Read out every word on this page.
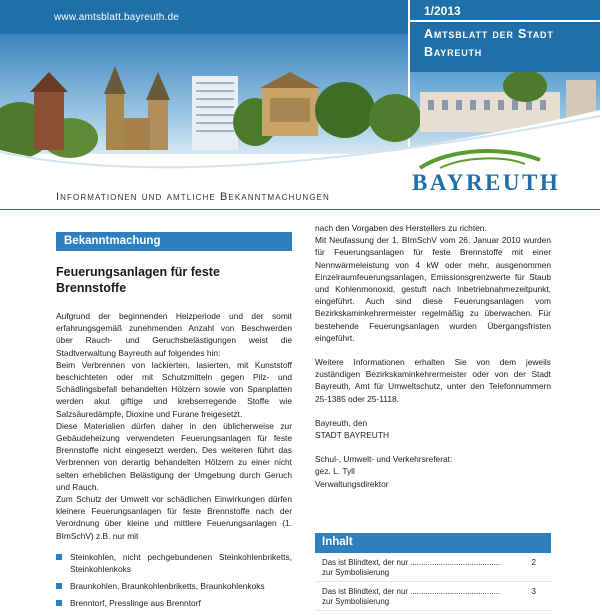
www.amtsblatt.bayreuth.de	1/2013
Amtsblatt der Stadt Bayreuth
BAYREUTH
Informationen und amtliche Bekanntmachungen
Bekanntmachung
Feuerungsanlagen für feste Brennstoffe
Aufgrund der beginnenden Heizperiode und der somit erfahrungsgemäß zunehmenden Anzahl von Beschwerden über Rauch- und Geruchsbelästigungen weist die Stadtverwaltung Bayreuth auf folgendes hin:
Beim Verbrennen von lackierten, lasierten, mit Kunststoff beschichteten oder mit Schutzmitteln gegen Pilz- und Schädlingsbefall behandelten Hölzern sowie von Spanplatten werden akut giftige und krebserregende Stoffe wie Salzsäuredämpfe, Dioxine und Furane freigesetzt.
Diese Materialien dürfen daher in den üblicherweise zur Gebäudeheizung verwendeten Feuerungsanlagen für feste Brennstoffe nicht eingesetzt werden. Des weiteren führt das Verbrennen von derartig behandelten Hölzern zu einer nicht selten erheblichen Belästigung der Umgebung durch Geruch und Rauch.
Zum Schutz der Umwelt vor schädlichen Einwirkungen dürfen kleinere Feuerungsanlagen für feste Brennstoffe nach der Verordnung über kleine und mittlere Feuerungsanlagen (1. BImSchV) z.B. nur mit
Steinkohlen, nicht pechgebundenen Steinkohlenbriketts, Steinkohlenkoks
Braunkohlen, Braunkohlenbriketts, Braunkohlenkoks
Brenntorf, Presslinge aus Brenntorf
nach den Vorgaben des Herstellers zu richten.
Mit Neufassung der 1. BImSchV vom 26. Januar 2010 wurden für Feuerungsanlagen für feste Brennstoffe mit einer Nennwärmeleistung von 4 kW oder mehr, ausgenommen Einzelraumfeuerungsanlagen, Emissionsgrenzwerte für Staub und Kohlenmonoxid, gestuft nach Inbetriebnahmezeitpunkt, eingeführt. Auch sind diese Feuerungsanlagen vom Bezirkskaminkehrermeister regelmäßig zu überwachen. Für bestehende Feuerungsanlagen wurden Übergangsfristen eingeführt.
Weitere Informationen erhalten Sie von dem jeweils zuständigen Bezirkskaminkehrermeister oder von der Stadt Bayreuth, Amt für Umweltschutz, unter den Telefonnummern 25-1385 oder 25-1118.
Bayreuth, den
STADT BAYREUTH
Schul-, Umwelt- und Verkehrsreferat:
gez. L. Tyll
Verwaltungsdirektor
Inhalt
Das ist Blindtext, der nur ......................................... zur Symbolisierung
2
Das ist Blindtext, der nur ......................................... zur Symbolisierung
3
